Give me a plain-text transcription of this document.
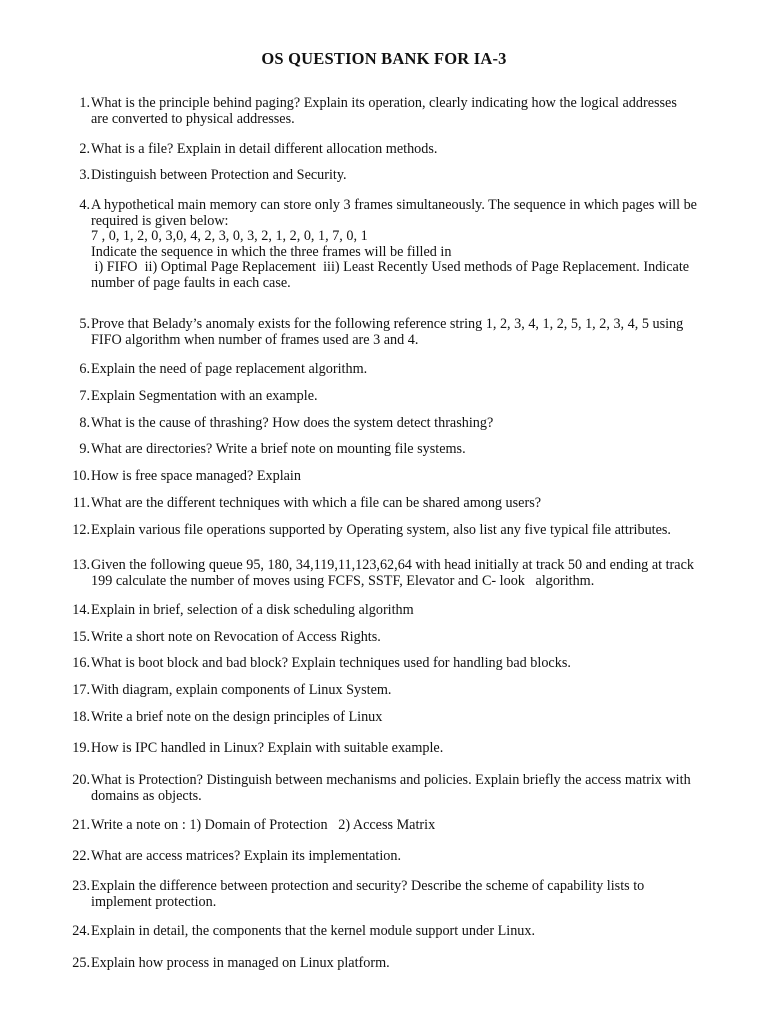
OS QUESTION BANK FOR IA-3
1. What is the principle behind paging? Explain its operation, clearly indicating how the logical addresses
are converted to physical addresses.
2. What is a file? Explain in detail different allocation methods.
3. Distinguish between Protection and Security.
4. A hypothetical main memory can store only 3 frames simultaneously. The sequence in which pages will be
required is given below:
7 , 0, 1, 2, 0, 3,0, 4, 2, 3, 0, 3, 2, 1, 2, 0, 1, 7, 0, 1
Indicate the sequence in which the three frames will be filled in
i) FIFO  ii) Optimal Page Replacement  iii) Least Recently Used methods of Page Replacement. Indicate
number of page faults in each case.
5. Prove that Belady’s anomaly exists for the following reference string 1, 2, 3, 4, 1, 2, 5, 1, 2, 3, 4, 5 using
FIFO algorithm when number of frames used are 3 and 4.
6. Explain the need of page replacement algorithm.
7. Explain Segmentation with an example.
8. What is the cause of thrashing? How does the system detect thrashing?
9. What are directories? Write a brief note on mounting file systems.
10. How is free space managed? Explain
11. What are the different techniques with which a file can be shared among users?
12. Explain various file operations supported by Operating system, also list any five typical file attributes.
13. Given the following queue 95, 180, 34,119,11,123,62,64 with head initially at track 50 and ending at track
199 calculate the number of moves using FCFS, SSTF, Elevator and C- look   algorithm.
14. Explain in brief, selection of a disk scheduling algorithm
15. Write a short note on Revocation of Access Rights.
16. What is boot block and bad block? Explain techniques used for handling bad blocks.
17. With diagram, explain components of Linux System.
18. Write a brief note on the design principles of Linux
19. How is IPC handled in Linux? Explain with suitable example.
20. What is Protection? Distinguish between mechanisms and policies. Explain briefly the access matrix with
domains as objects.
21. Write a note on : 1) Domain of Protection   2) Access Matrix
22. What are access matrices? Explain its implementation.
23. Explain the difference between protection and security? Describe the scheme of capability lists to
implement protection.
24. Explain in detail, the components that the kernel module support under Linux.
25. Explain how process in managed on Linux platform.
